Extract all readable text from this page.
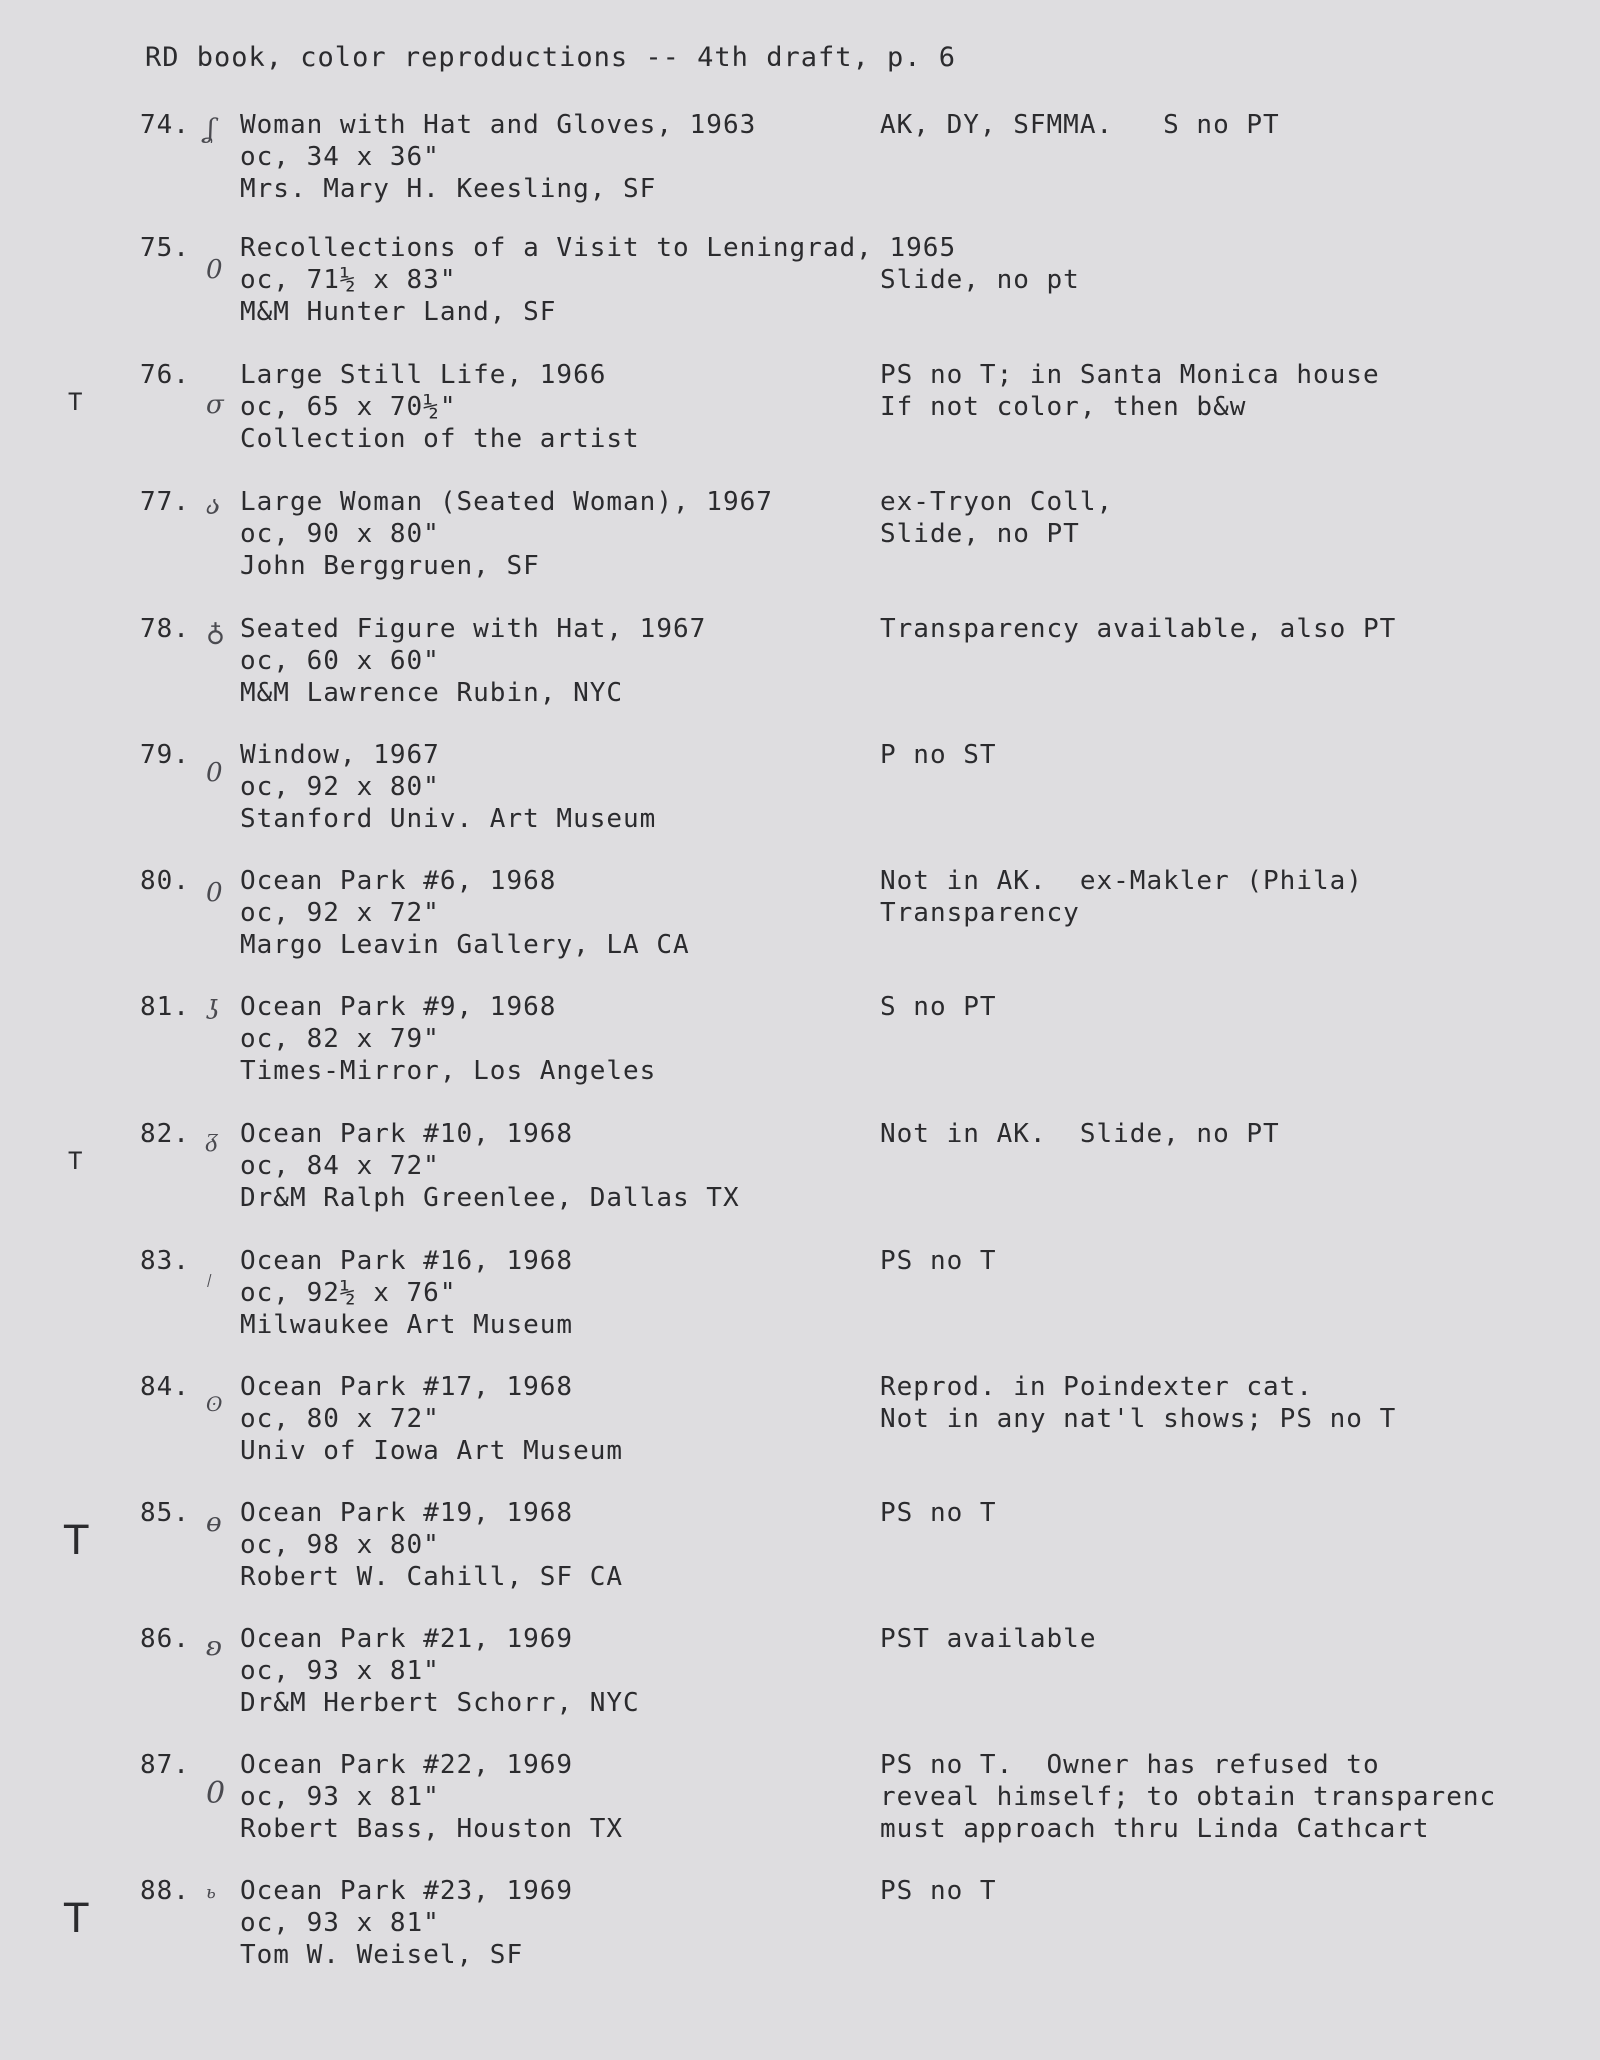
RD book, color reproductions -- 4th draft, p. 6
74. ʆ Woman with Hat and Gloves, 1963
oc, 34 x 36"
Mrs. Mary H. Keesling, SF
AK, DY, SFMMA.   S no PT
75.
0
Recollections of a Visit to Leningrad, 1965
oc, 71½ x 83"
M&M Hunter Land, SF
Slide, no pt
T
76.
σ
Large Still Life, 1966
oc, 65 x 70½"
Collection of the artist
PS no T; in Santa Monica house
If not color, then b&w
77. ა Large Woman (Seated Woman), 1967
oc, 90 x 80"
John Berggruen, SF
ex-Tryon Coll,
Slide, no PT
78. ♁ Seated Figure with Hat, 1967
oc, 60 x 60"
M&M Lawrence Rubin, NYC
Transparency available, also PT
79.
0
Window, 1967
oc, 92 x 80"
Stanford Univ. Art Museum
P no ST
80. 0 Ocean Park #6, 1968
oc, 92 x 72"
Margo Leavin Gallery, LA CA
Not in AK.  ex-Makler (Phila)
Transparency
81. ʖ Ocean Park #9, 1968
oc, 82 x 79"
Times-Mirror, Los Angeles
S no PT
T
82. ᵹ Ocean Park #10, 1968
oc, 84 x 72"
Dr&M Ralph Greenlee, Dallas TX
Not in AK.  Slide, no PT
83.
৷
Ocean Park #16, 1968
oc, 92½ x 76"
Milwaukee Art Museum
PS no T
84.
ʘ
Ocean Park #17, 1968
oc, 80 x 72"
Univ of Iowa Art Museum
Reprod. in Poindexter cat.
Not in any nat'l shows; PS no T
T
85. ɵ Ocean Park #19, 1968
oc, 98 x 80"
Robert W. Cahill, SF CA
PS no T
86. ʚ Ocean Park #21, 1969
oc, 93 x 81"
Dr&M Herbert Schorr, NYC
PST available
87.
0
Ocean Park #22, 1969
oc, 93 x 81"
Robert Bass, Houston TX
PS no T.  Owner has refused to
reveal himself; to obtain transparenc
must approach thru Linda Cathcart
T
88. ь Ocean Park #23, 1969
oc, 93 x 81"
Tom W. Weisel, SF
PS no T
